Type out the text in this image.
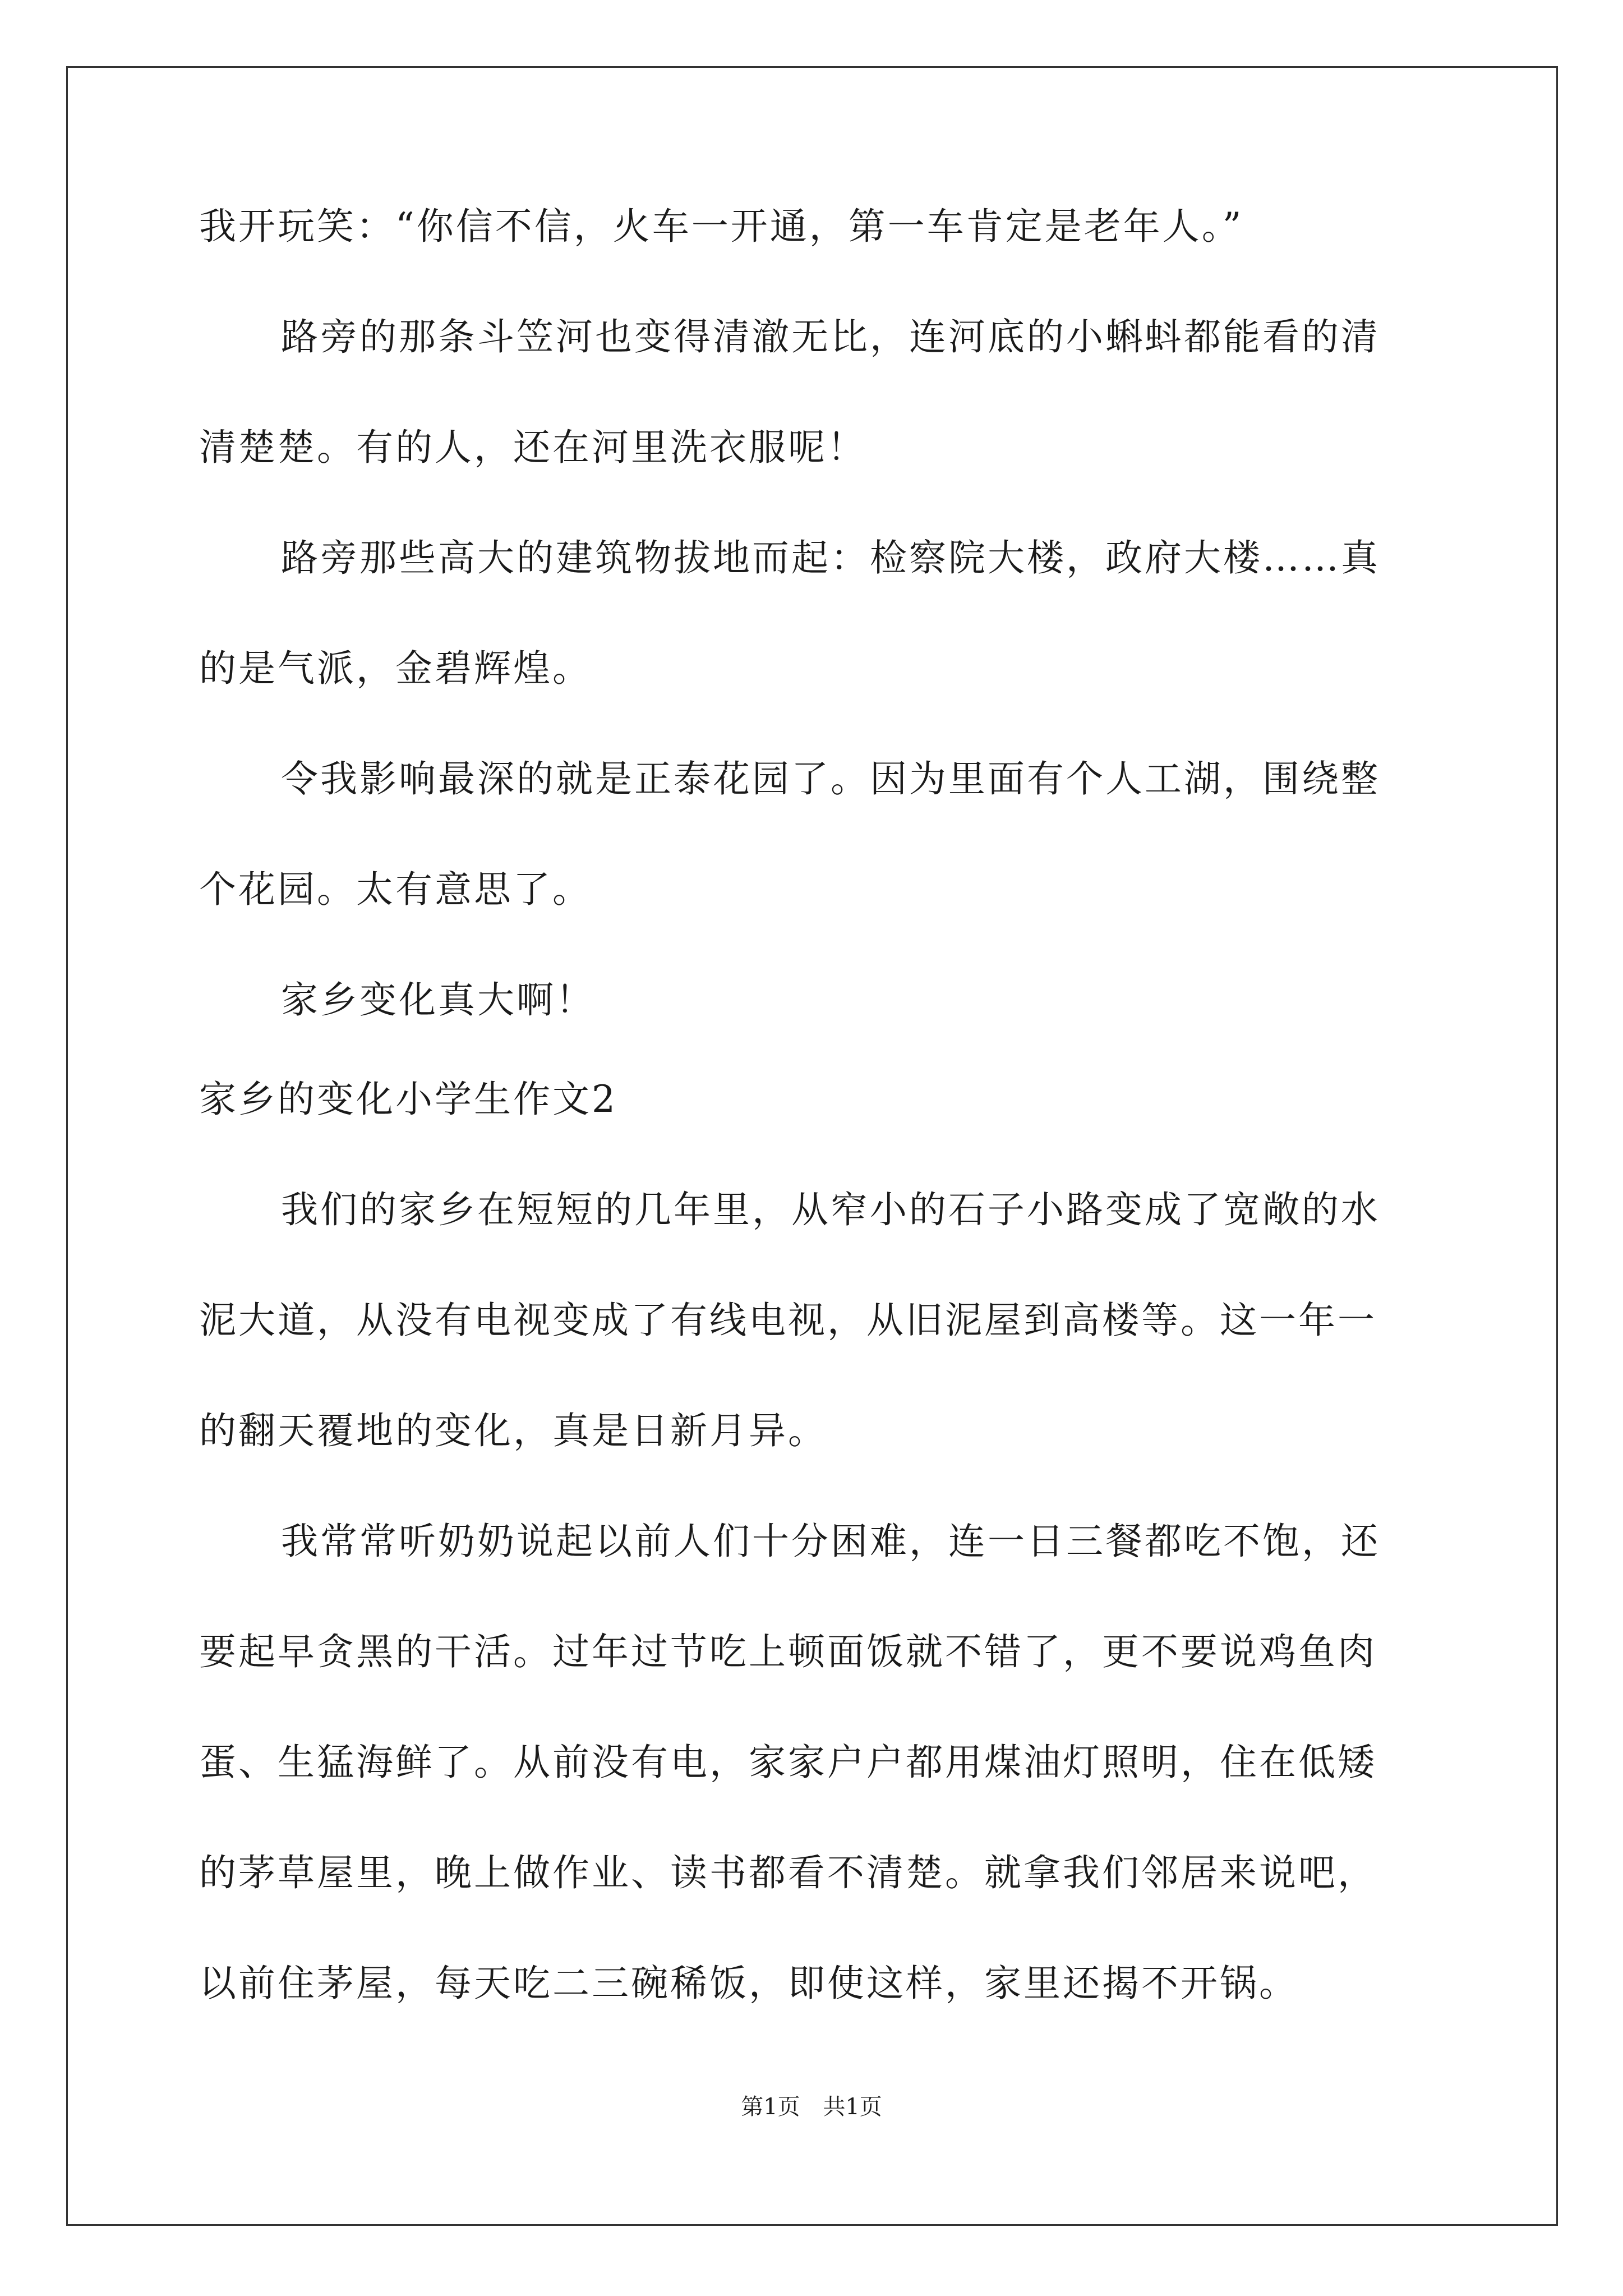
我开玩笑：“你信不信，火车一开通，第一车肯定是老年人。”
路旁的那条斗笠河也变得清澈无比，连河底的小蝌蚪都能看的清
清楚楚。有的人，还在河里洗衣服呢！
路旁那些高大的建筑物拔地而起：检察院大楼，政府大楼……真
的是气派，金碧辉煌。
令我影响最深的就是正泰花园了。因为里面有个人工湖，围绕整
个花园。太有意思了。
家乡变化真大啊！
家乡的变化小学生作文2
我们的家乡在短短的几年里，从窄小的石子小路变成了宽敞的水
泥大道，从没有电视变成了有线电视，从旧泥屋到高楼等。这一年一
的翻天覆地的变化，真是日新月异。
我常常听奶奶说起以前人们十分困难，连一日三餐都吃不饱，还
要起早贪黑的干活。过年过节吃上顿面饭就不错了，更不要说鸡鱼肉
蛋、生猛海鲜了。从前没有电，家家户户都用煤油灯照明，住在低矮
的茅草屋里，晚上做作业、读书都看不清楚。就拿我们邻居来说吧，
以前住茅屋，每天吃二三碗稀饭，即使这样，家里还揭不开锅。
第1页 共1页
